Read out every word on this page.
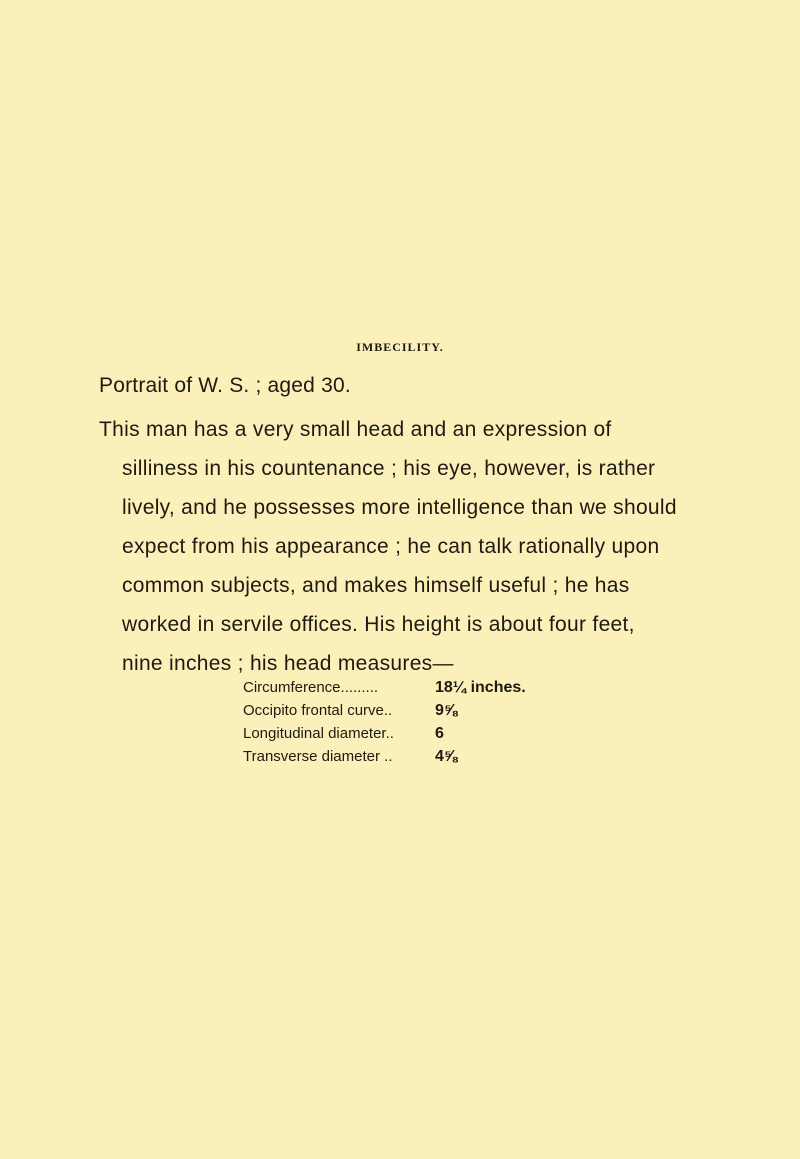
IMBECILITY.
Portrait of W. S. ; aged 30.

This man has a very small head and an expression of
silliness in his countenance ; his eye, however, is rather
lively, and he possesses more intelligence than we should
expect from his appearance ; he can talk rationally upon
common subjects, and makes himself useful ; he has
worked in servile offices. His height is about four feet,
nine inches ; his head measures—

Circumference.........	18¼ inches.
Occipito frontal curve..	9⅝
Longitudinal diameter..	6
Transverse diameter ..	4⅝
